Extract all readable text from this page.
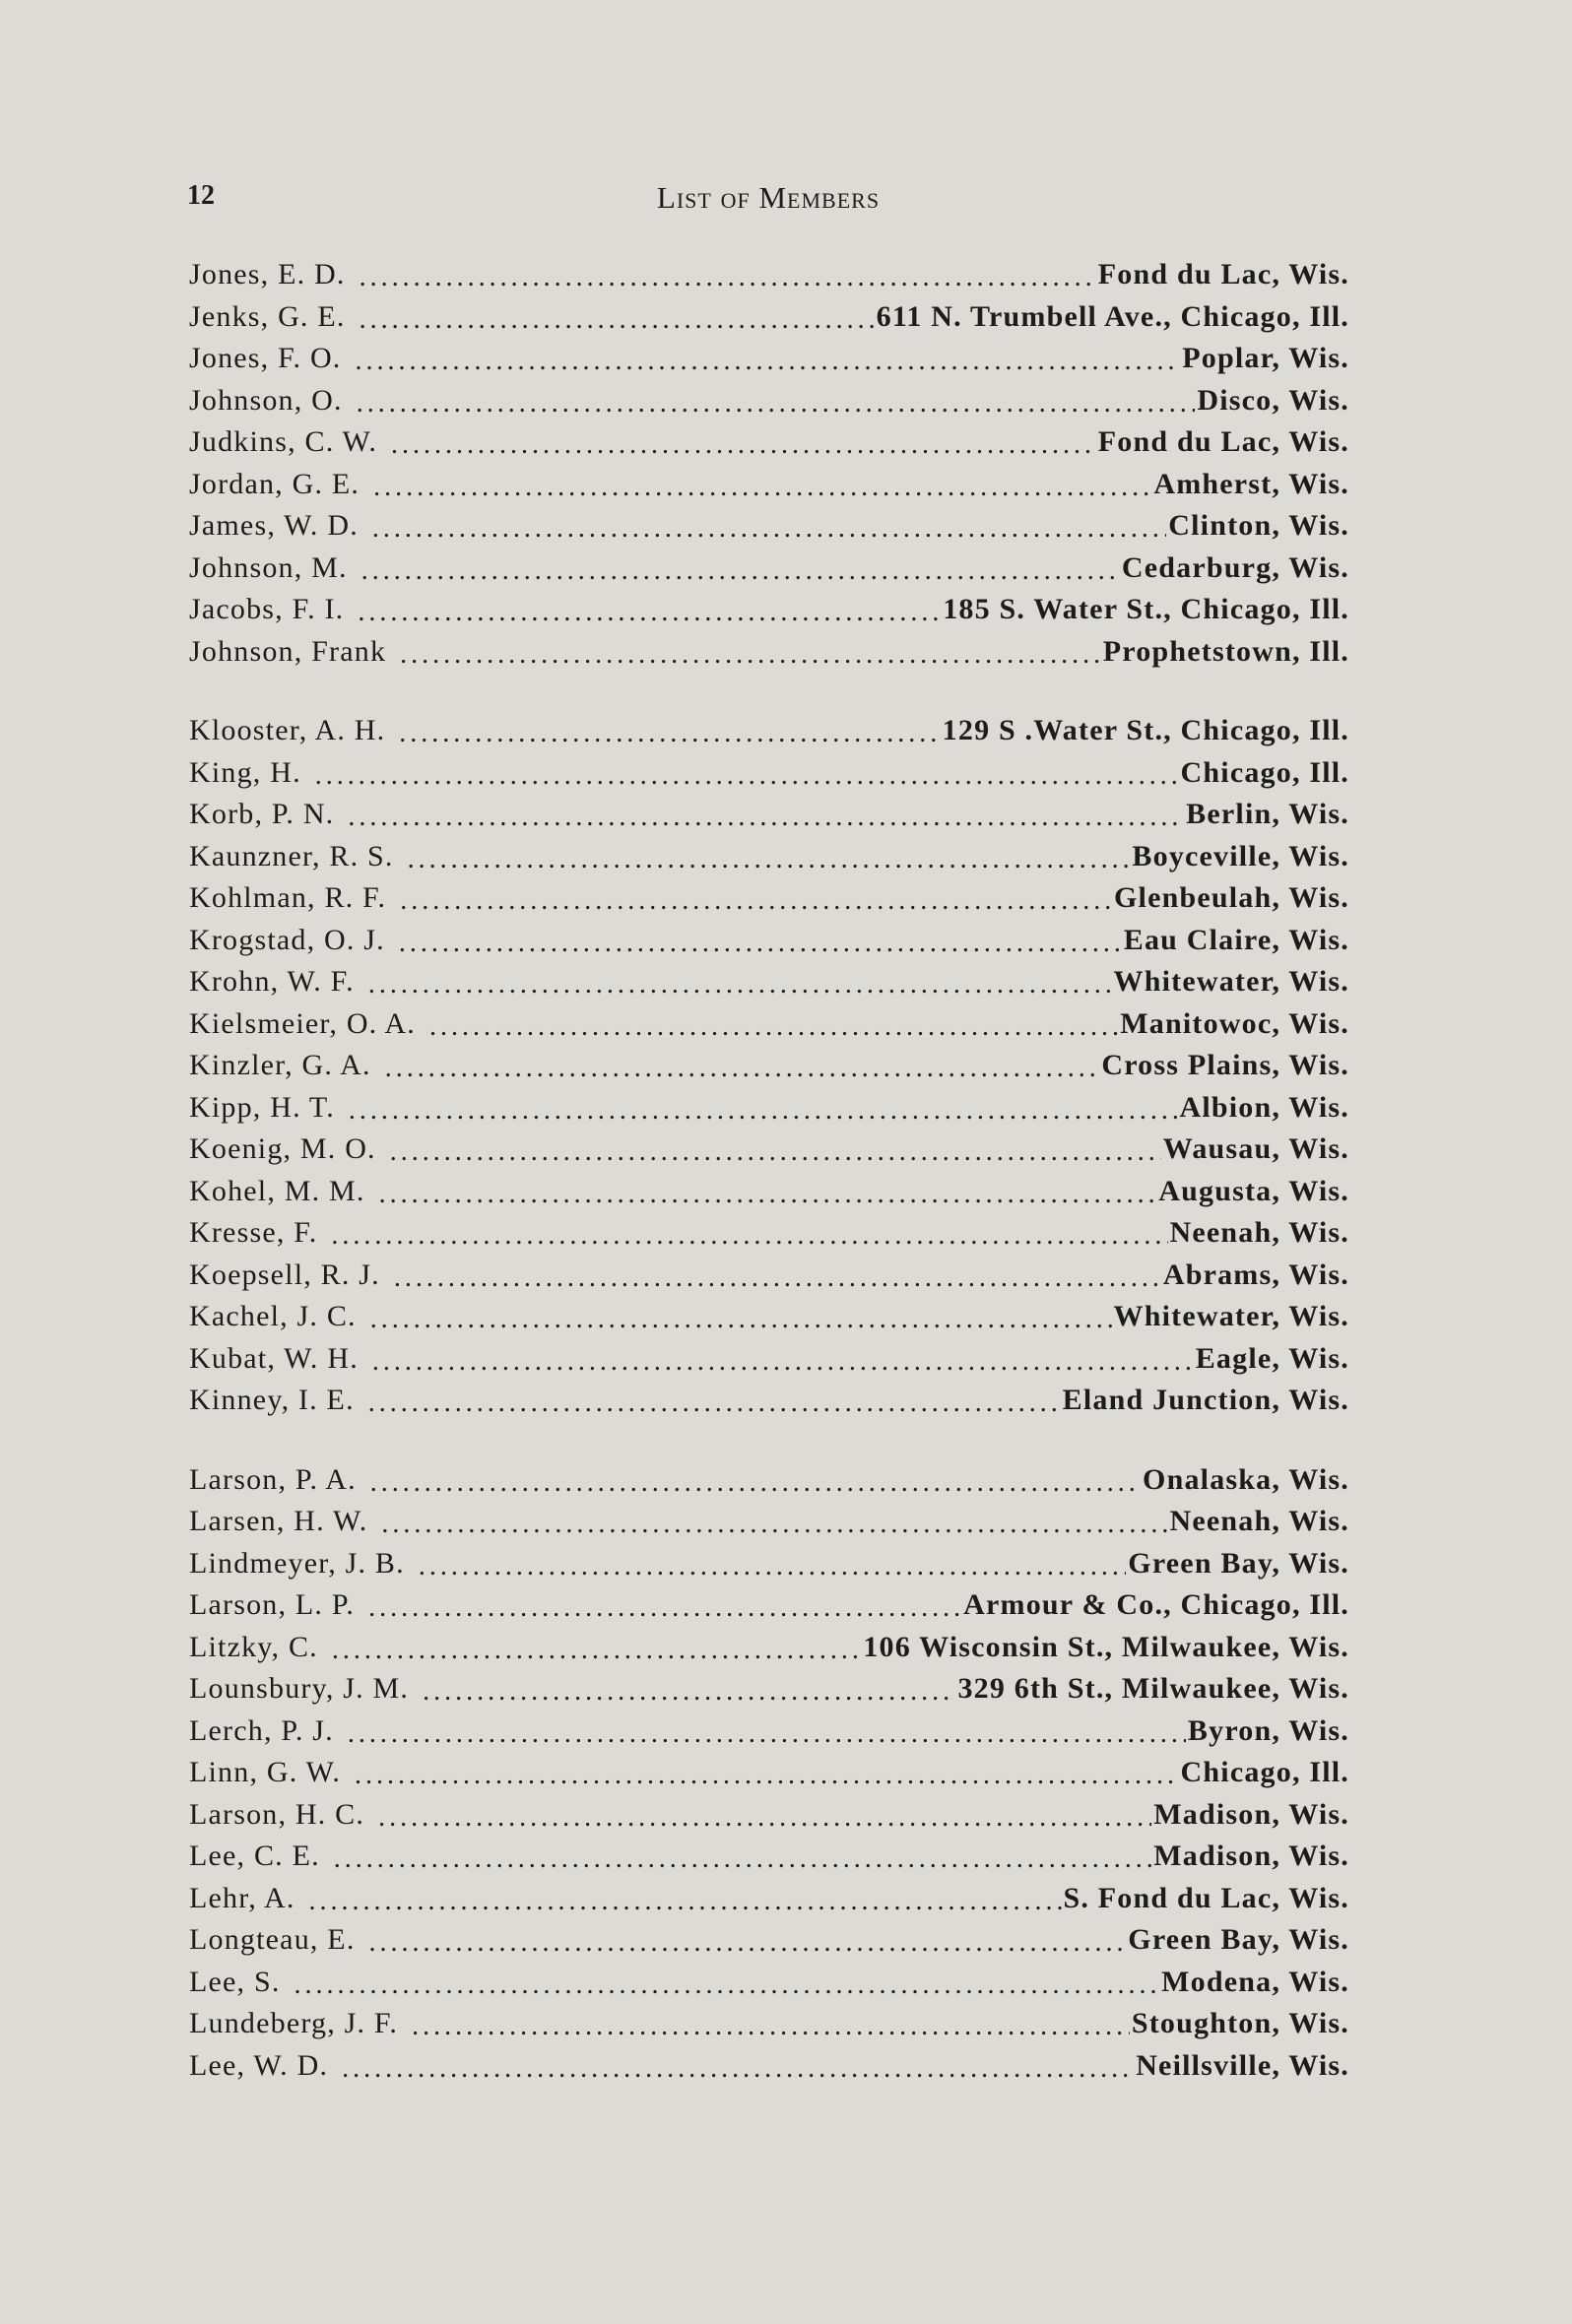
12	List of Members
Jones, E. D. . . .	Fond du Lac, Wis.
Jenks, G. E. . . .	611 N. Trumbell Ave., Chicago, Ill.
Jones, F. O. . . .	Poplar, Wis.
Johnson, O. . . .	Disco, Wis.
Judkins, C. W. . . .	Fond du Lac, Wis.
Jordan, G. E. . . .	Amherst, Wis.
James, W. D. . . .	Clinton, Wis.
Johnson, M. . . .	Cedarburg, Wis.
Jacobs, F. I. . . .	185 S. Water St., Chicago, Ill.
Johnson, Frank . . .	Prophetstown, Ill.
Klooster, A. H. . . .	129 S .Water St., Chicago, Ill.
King, H. . . .	Chicago, Ill.
Korb, P. N. . . .	Berlin, Wis.
Kaunzner, R. S. . . .	Boyceville, Wis.
Kohlman, R. F. . . .	Glenbeulah, Wis.
Krogstad, O. J. . . .	Eau Claire, Wis.
Krohn, W. F. . . .	Whitewater, Wis.
Kielsmeier, O. A. . . .	Manitowoc, Wis.
Kinzler, G. A. . . .	Cross Plains, Wis.
Kipp, H. T. . . .	Albion, Wis.
Koenig, M. O. . . .	Wausau, Wis.
Kohel, M. M. . . .	Augusta, Wis.
Kresse, F. . . .	Neenah, Wis.
Koepsell, R. J. . . .	Abrams, Wis.
Kachel, J. C. . . .	Whitewater, Wis.
Kubat, W. H. . . .	Eagle, Wis.
Kinney, I. E. . . .	Eland Junction, Wis.
Larson, P. A. . . .	Onalaska, Wis.
Larsen, H. W. . . .	Neenah, Wis.
Lindmeyer, J. B. . . .	Green Bay, Wis.
Larson, L. P. . . .	Armour & Co., Chicago, Ill.
Litzky, C. . . .	106 Wisconsin St., Milwaukee, Wis.
Lounsbury, J. M. . . .	329 6th St., Milwaukee, Wis.
Lerch, P. J. . . .	Byron, Wis.
Linn, G. W. . . .	Chicago, Ill.
Larson, H. C. . . .	Madison, Wis.
Lee, C. E. . . .	Madison, Wis.
Lehr, A. . . .	S. Fond du Lac, Wis.
Longteau, E. . . .	Green Bay, Wis.
Lee, S. . . .	Modena, Wis.
Lundeberg, J. F. . . .	Stoughton, Wis.
Lee, W. D. . . .	Neillsville, Wis.
